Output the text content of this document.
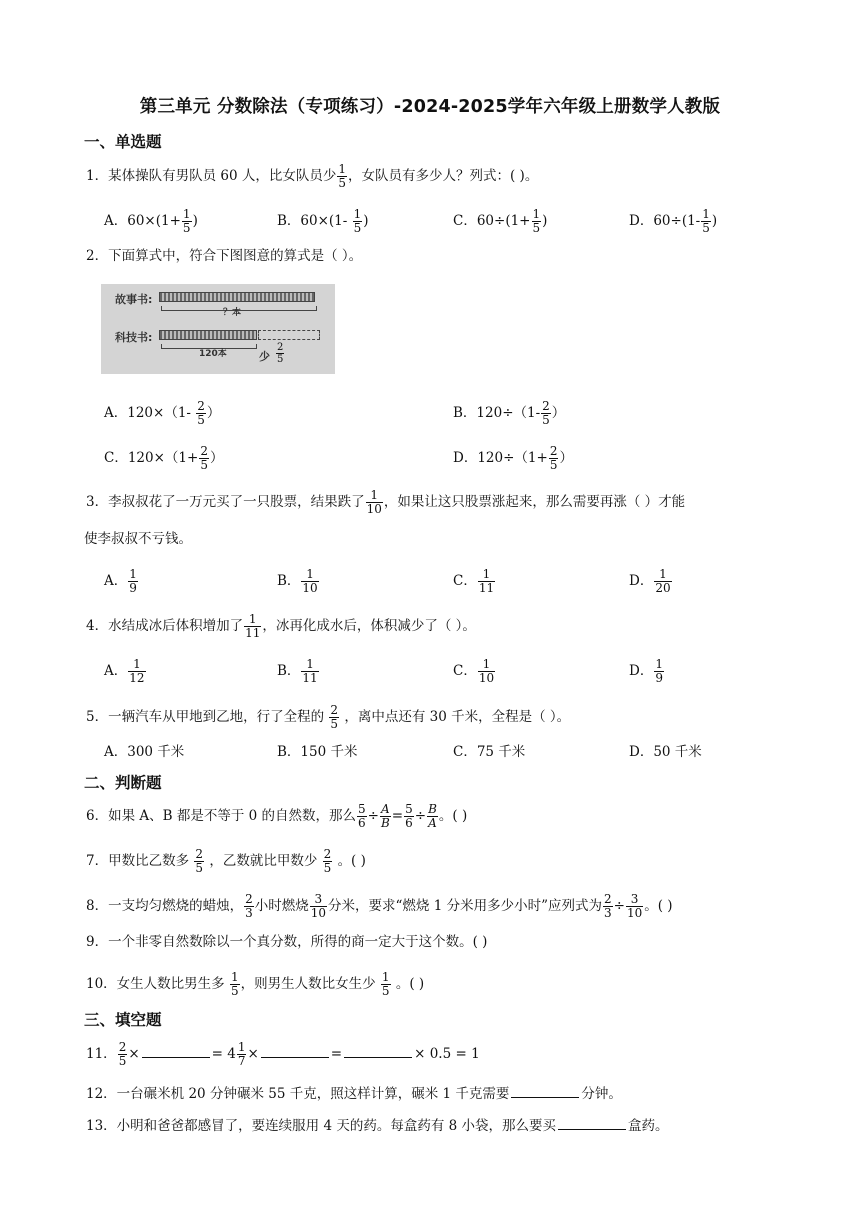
第三单元 分数除法（专项练习）-2024-2025学年六年级上册数学人教版
一、单选题
1．某体操队有男队员 60 人，比女队员少 $\frac{1}{5}$ ，女队员有多少人？列式：( )。
A．$60\times(1+ \frac{1}{5}$ )	B．$60\times(1- \frac{1}{5}$ )	C．$60\div(1+ \frac{1}{5}$ )	D．$60\div(1- \frac{1}{5}$ )
2．下面算式中，符合下图图意的算式是（ ）。
故事书:
？本
科技书:
120本	少 $\frac{2}{5}$
A．$120\times(1- \frac{2}{5}$ ）	B．$120\div(1- \frac{2}{5}$ ）
C．$120\times(1+ \frac{2}{5}$ ）	D．$120\div(1+ \frac{2}{5}$ ）
3．李叔叔花了一万元买了一只股票，结果跌了 $\frac{1}{10}$ ，如果让这只股票涨起来，那么需要再涨（ ）才能
使李叔叔不亏钱。
A． $\frac{1}{9}$	B． $\frac{1}{10}$	C． $\frac{1}{11}$	D． $\frac{1}{20}$
4．水结成冰后体积增加了 $\frac{1}{11}$ ，冰再化成水后，体积减少了（ ）。
A． $\frac{1}{12}$	B． $\frac{1}{11}$	C． $\frac{1}{10}$	D． $\frac{1}{9}$
5．一辆汽车从甲地到乙地，行了全程的 $\frac{2}{5}$ ，离中点还有 30 千米，全程是（ ）。
A．300 千米	B．150 千米	C．75 千米	D．50 千米
二、判断题
6．如果 A、B 都是不等于 0 的自然数，那么 $\frac{5}{6} \div \frac{A}{B} = \frac{5}{6} \div \frac{B}{A}$ 。( )
7．甲数比乙数多 $\frac{2}{5}$ ，乙数就比甲数少 $\frac{2}{5}$ 。( )
8．一支均匀燃烧的蜡烛， $\frac{2}{3}$ 小时燃烧 $\frac{3}{10}$ 分米，要求“燃烧 1 分米用多少小时”应列式为 $\frac{2}{3} \div \frac{3}{10}$ 。( )
9．一个非零自然数除以一个真分数，所得的商一定大于这个数。( )
10．女生人数比男生多 $\frac{1}{5}$ ，则男生人数比女生少 $\frac{1}{5}$ 。( )
三、填空题
11． $\frac{2}{5}$ ×	= $4 \frac{1}{7}$ ×	=	× 0.5 = 1
12．一台碾米机 20 分钟碾米 55 千克，照这样计算，碾米 1 千克需要	分钟。
13．小明和爸爸都感冒了，要连续服用 4 天的药。每盒药有 8 小袋，那么要买	盒药。
